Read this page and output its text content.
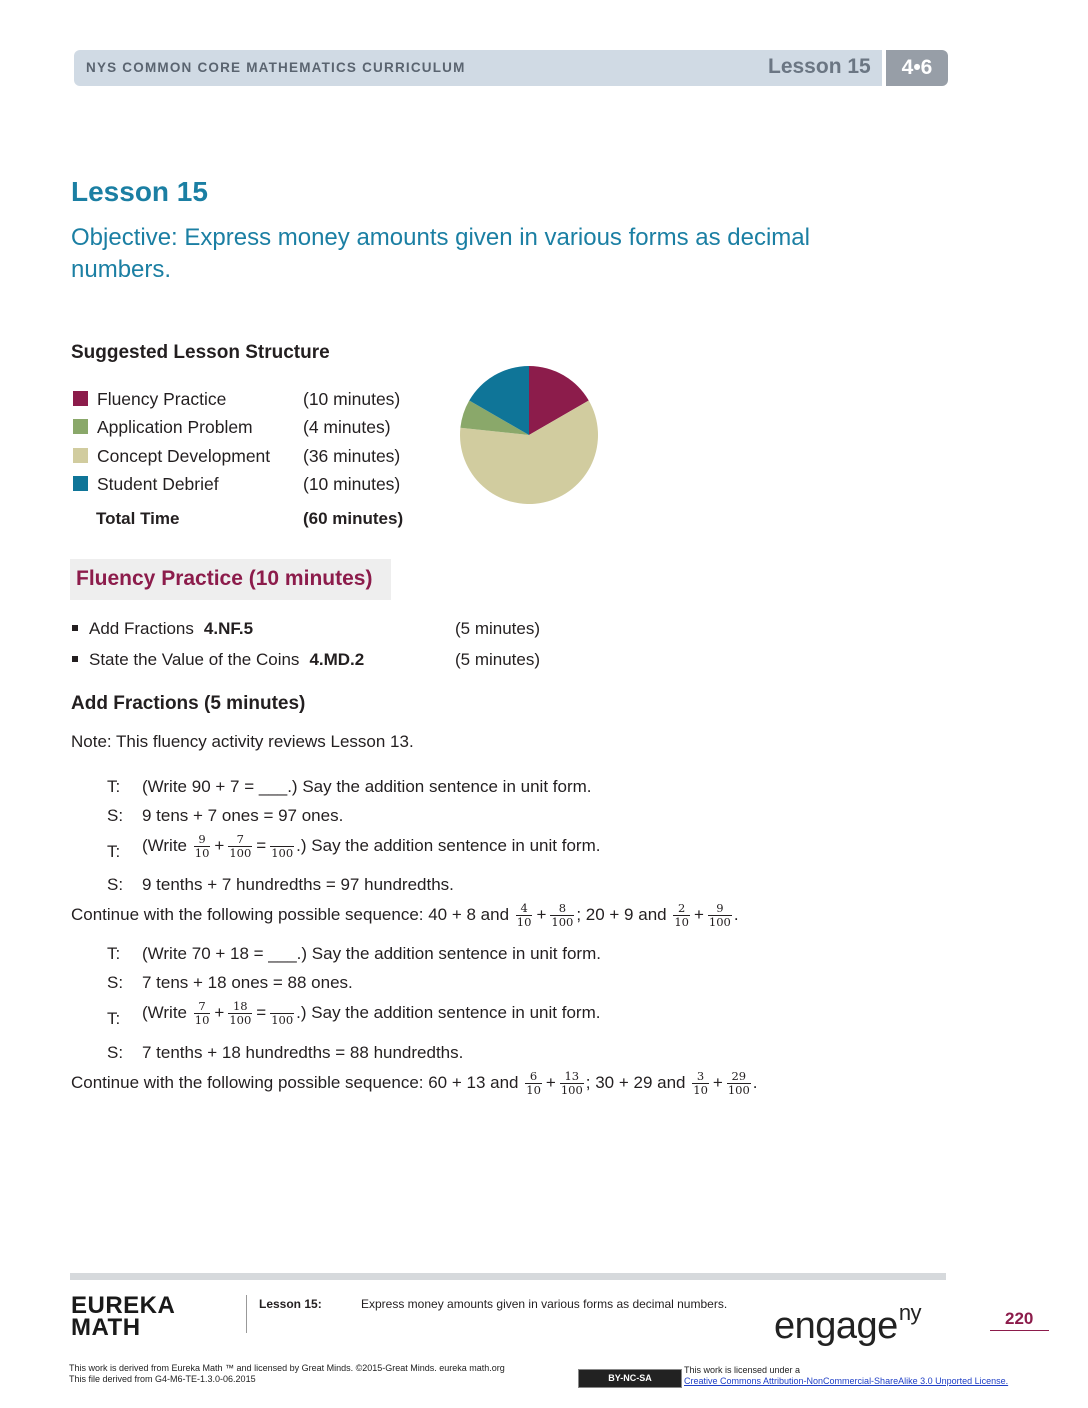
NYS COMMON CORE MATHEMATICS CURRICULUM	Lesson 15	4•6
Lesson 15
Objective: Express money amounts given in various forms as decimal numbers.
Suggested Lesson Structure
Fluency Practice	(10 minutes)
Application Problem	(4 minutes)
Concept Development (36 minutes)
Student Debrief	(10 minutes)
Total Time	(60 minutes)
Fluency Practice (10 minutes)
Add Fractions 4.NF.5	(5 minutes)
State the Value of the Coins 4.MD.2	(5 minutes)
Add Fractions (5 minutes)
Note: This fluency activity reviews Lesson 13.
T: (Write 90 + 7 = ___.) Say the addition sentence in unit form.
S: 9 tens + 7 ones = 97 ones.
T: (Write $\frac{9}{10} + \frac{7}{100}$ =
100 .) Say the addition sentence in unit form.
S: 9 tenths + 7 hundredths = 97 hundredths.
Continue with the following possible sequence: 40 + 8 and $\frac{4}{10} + \frac{8}{100}$ ; 20 + 9 and $\frac{2}{10} + \frac{9}{100}$ .
T: (Write 70 + 18 = ___.) Say the addition sentence in unit form.
S: 7 tens + 18 ones = 88 ones.
T: (Write $\frac{7}{10} + \frac{18}{100}$ =
100 .) Say the addition sentence in unit form.
S: 7 tenths + 18 hundredths = 88 hundredths.
Continue with the following possible sequence: 60 + 13 and $\frac{6}{10} + \frac{13}{100}$ ; 30 + 29 and $\frac{3}{10} + \frac{29}{100}$ .
EUREKA
MATH
Lesson 15:	Express money amounts given in various forms as decimal numbers.
engage$^{ny}$	220
This work is derived from Eureka Math ™ and licensed by Great Minds. ©2015-Great Minds. eureka math.org
This file derived from G4-M6-TE-1.3.0-06.2015	BY-NC-SA
This work is licensed under a
Creative Commons Attribution-NonCommercial-ShareAlike 3.0 Unported License.
